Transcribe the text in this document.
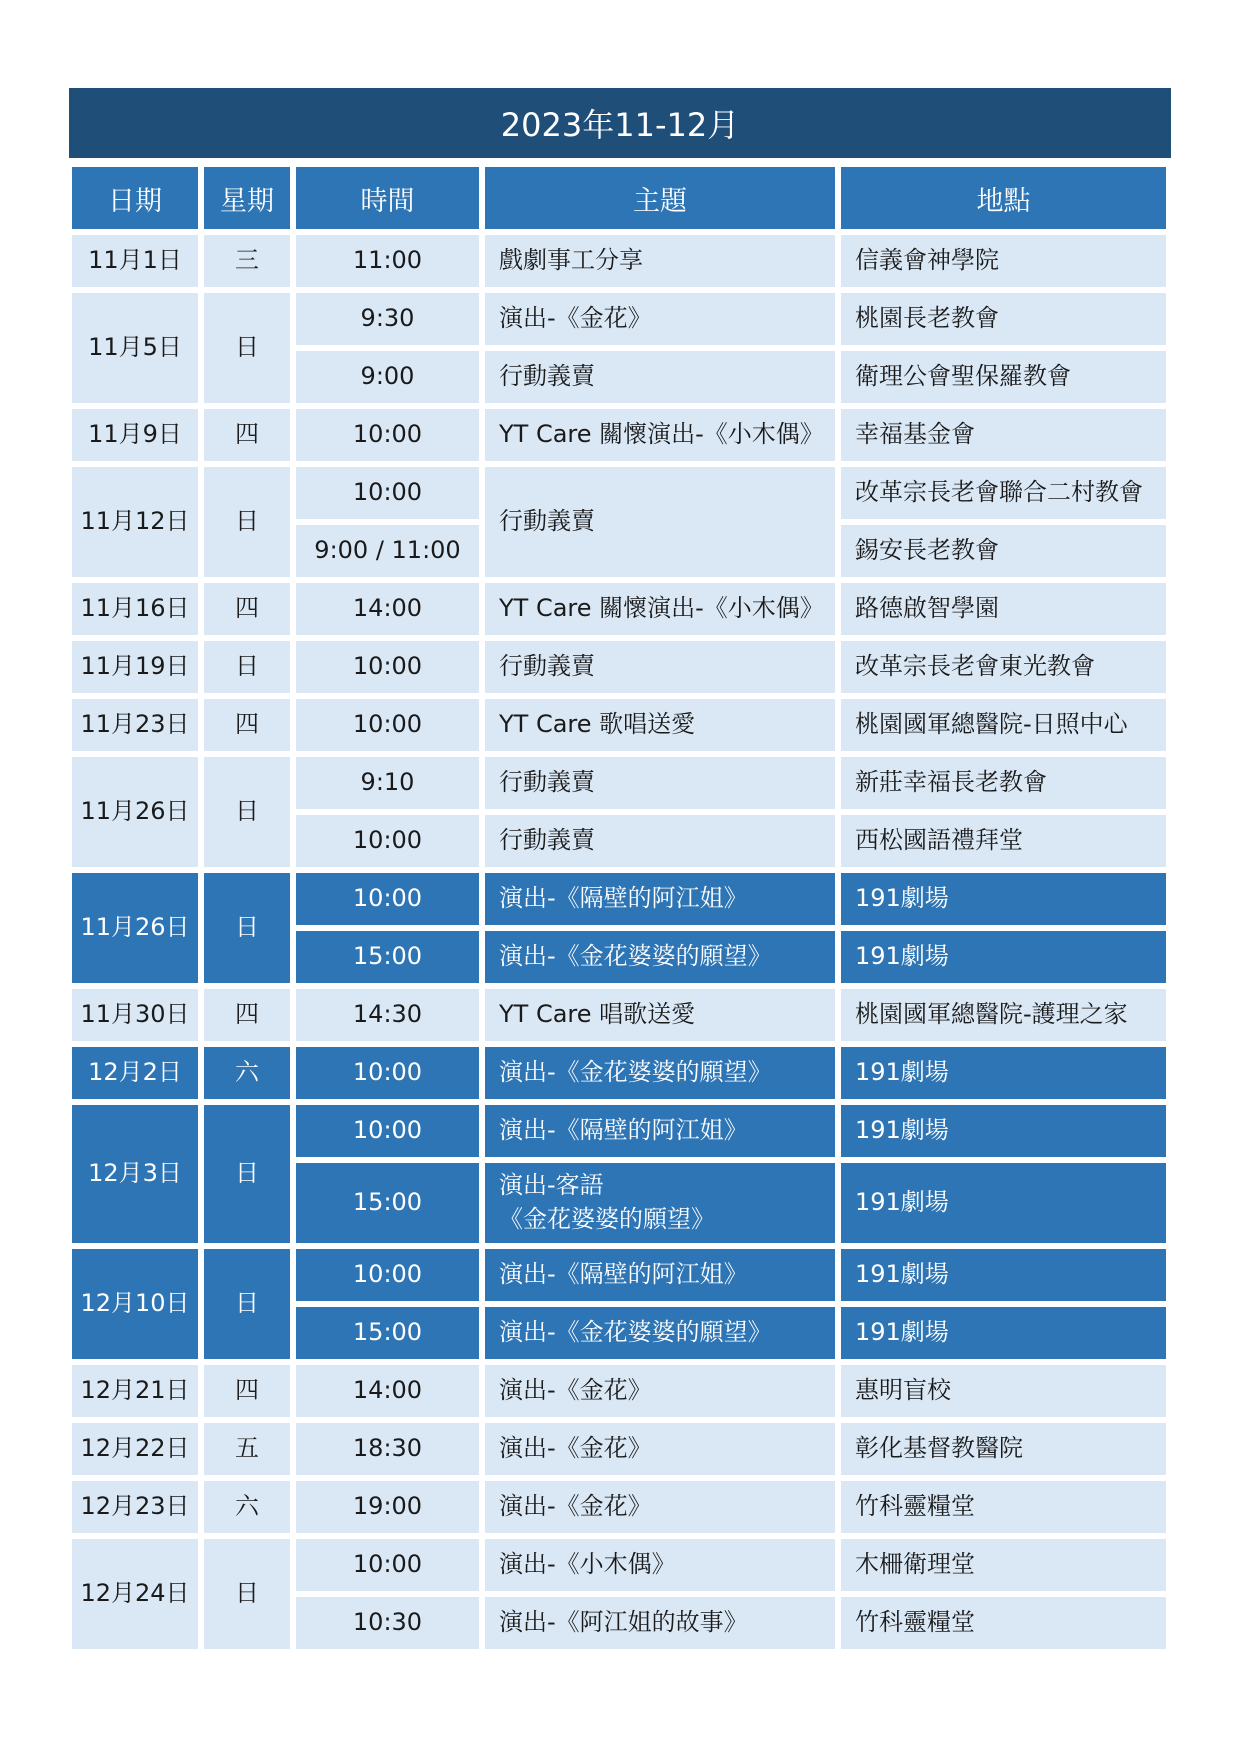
2023年11-12月
日期	星期	時間	主題	地點
11月1日	三	11:00	戲劇事工分享	信義會神學院
11月5日	日	9:30	演出-《金花》	桃園長老教會
		9:00	行動義賣	衛理公會聖保羅教會
11月9日	四	10:00	YT Care 關懷演出-《小木偶》	幸福基金會
11月12日	日	10:00	行動義賣	改革宗長老會聯合二村教會
		9:00 / 11:00		錫安長老教會
11月16日	四	14:00	YT Care 關懷演出-《小木偶》	路德啟智學園
11月19日	日	10:00	行動義賣	改革宗長老會東光教會
11月23日	四	10:00	YT Care 歌唱送愛	桃園國軍總醫院-日照中心
11月26日	日	9:10	行動義賣	新莊幸福長老教會
		10:00	行動義賣	西松國語禮拜堂
11月26日	日	10:00	演出-《隔壁的阿江姐》	191劇場
		15:00	演出-《金花婆婆的願望》	191劇場
11月30日	四	14:30	YT Care 唱歌送愛	桃園國軍總醫院-護理之家
12月2日	六	10:00	演出-《金花婆婆的願望》	191劇場
12月3日	日	10:00	演出-《隔壁的阿江姐》	191劇場
		15:00	演出-客語
《金花婆婆的願望》	191劇場
12月10日	日	10:00	演出-《隔壁的阿江姐》	191劇場
		15:00	演出-《金花婆婆的願望》	191劇場
12月21日	四	14:00	演出-《金花》	惠明盲校
12月22日	五	18:30	演出-《金花》	彰化基督教醫院
12月23日	六	19:00	演出-《金花》	竹科靈糧堂
12月24日	日	10:00	演出-《小木偶》	木柵衛理堂
		10:30	演出-《阿江姐的故事》	竹科靈糧堂
